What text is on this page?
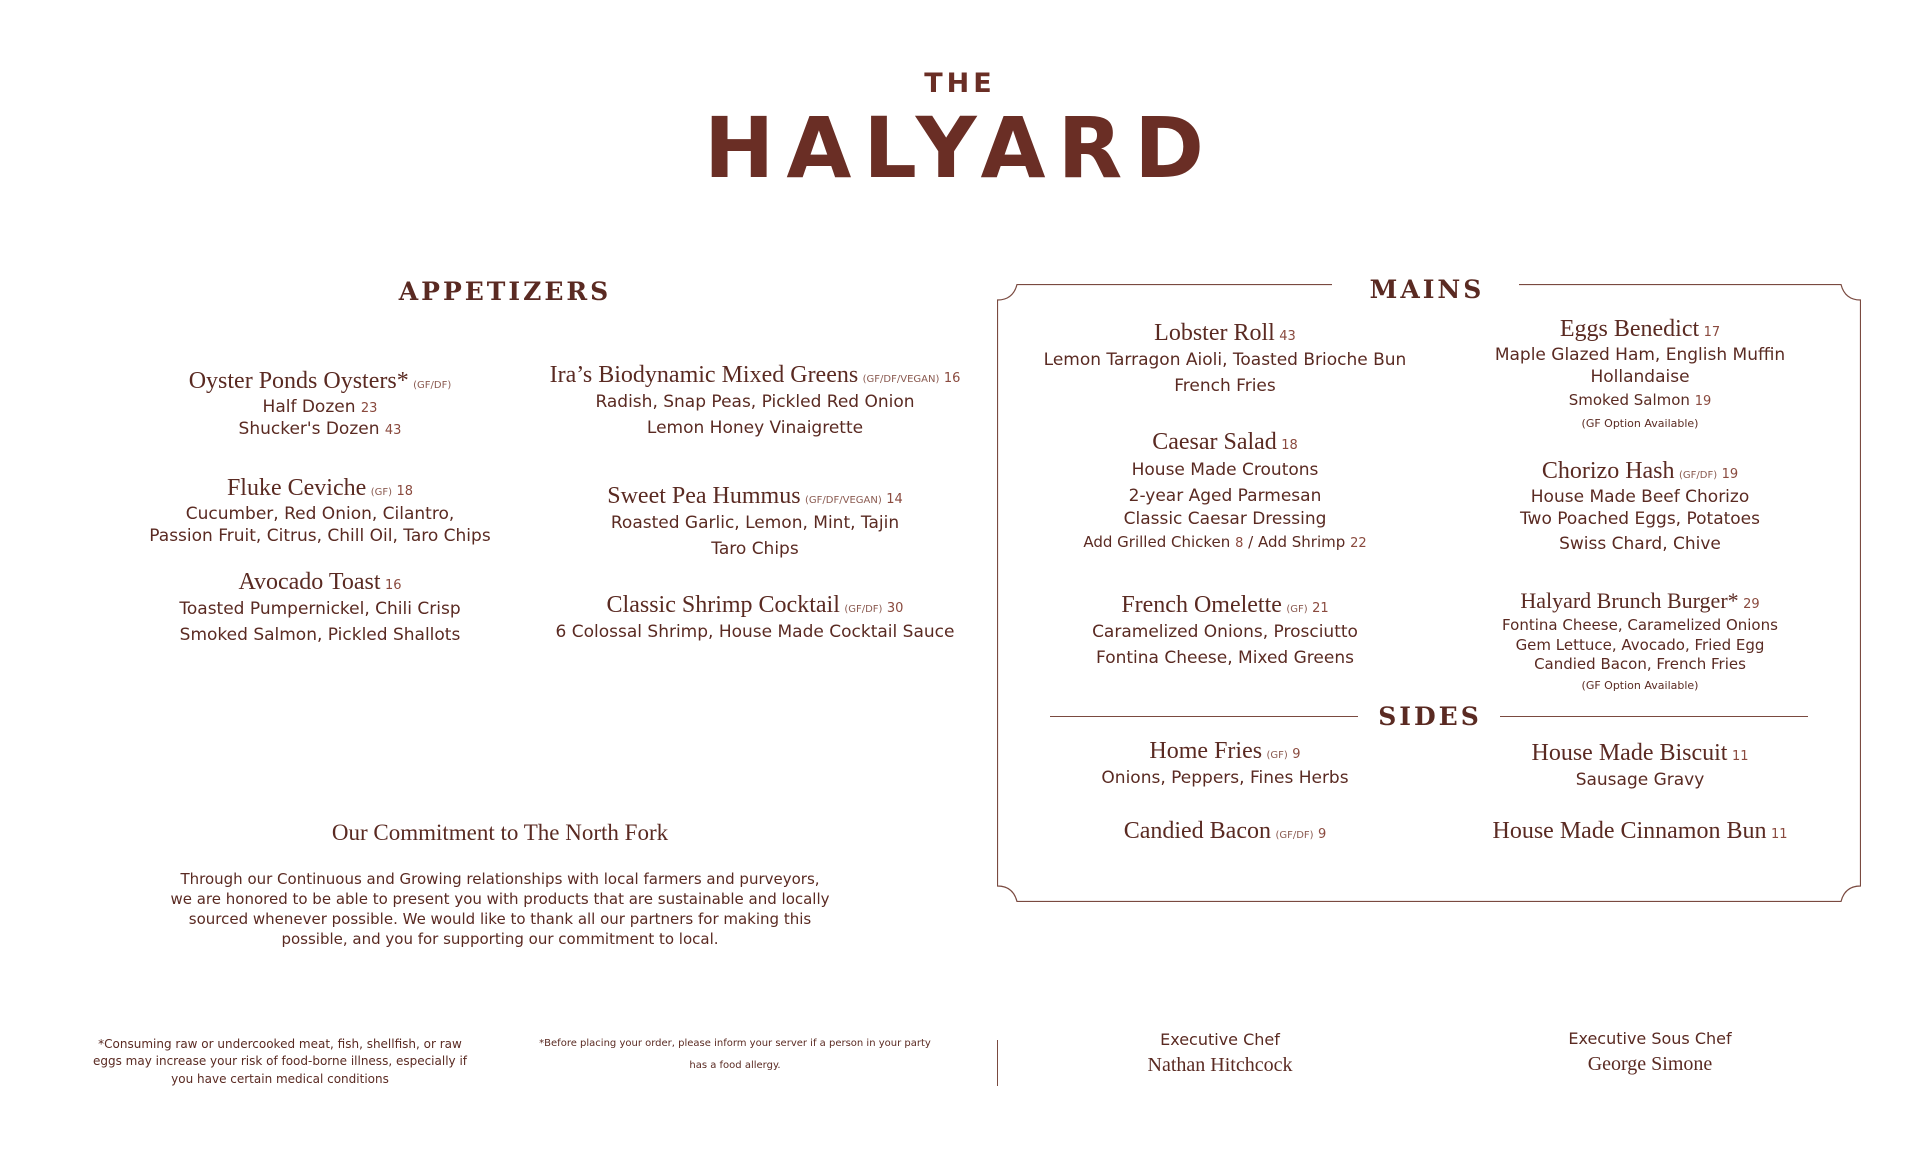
THE
HALYARD
APPETIZERS
Oyster Ponds Oysters* (GF/DF)
Half Dozen 23
Shucker's Dozen 43
Fluke Ceviche (GF) 18
Cucumber, Red Onion, Cilantro,
Passion Fruit, Citrus, Chill Oil, Taro Chips
Avocado Toast 16
Toasted Pumpernickel, Chili Crisp
Smoked Salmon, Pickled Shallots
Ira’s Biodynamic Mixed Greens (GF/DF/VEGAN) 16
Radish, Snap Peas, Pickled Red Onion
Lemon Honey Vinaigrette
Sweet Pea Hummus (GF/DF/VEGAN) 14
Roasted Garlic, Lemon, Mint, Tajin
Taro Chips
Classic Shrimp Cocktail (GF/DF) 30
6 Colossal Shrimp, House Made Cocktail Sauce
MAINS
Lobster Roll 43
Lemon Tarragon Aioli, Toasted Brioche Bun
French Fries
Caesar Salad 18
House Made Croutons
2-year Aged Parmesan
Classic Caesar Dressing
Add Grilled Chicken 8 / Add Shrimp 22
French Omelette (GF) 21
Caramelized Onions, Prosciutto
Fontina Cheese, Mixed Greens
Eggs Benedict 17
Maple Glazed Ham, English Muffin
Hollandaise
Smoked Salmon 19
(GF Option Available)
Chorizo Hash (GF/DF) 19
House Made Beef Chorizo
Two Poached Eggs, Potatoes
Swiss Chard, Chive
Halyard Brunch Burger* 29
Fontina Cheese, Caramelized Onions
Gem Lettuce, Avocado, Fried Egg
Candied Bacon, French Fries
(GF Option Available)
SIDES
Home Fries (GF) 9
Onions, Peppers, Fines Herbs
Candied Bacon (GF/DF) 9
House Made Biscuit 11
Sausage Gravy
House Made Cinnamon Bun 11
Our Commitment to The North Fork
Through our Continuous and Growing relationships with local farmers and purveyors,
we are honored to be able to present you with products that are sustainable and locally
sourced whenever possible. We would like to thank all our partners for making this
possible, and you for supporting our commitment to local.
*Consuming raw or undercooked meat, fish, shellfish, or raw
eggs may increase your risk of food-borne illness, especially if
you have certain medical conditions
*Before placing your order, please inform your server if a person in your party
has a food allergy.
Executive Chef
Nathan Hitchcock
Executive Sous Chef
George Simone
